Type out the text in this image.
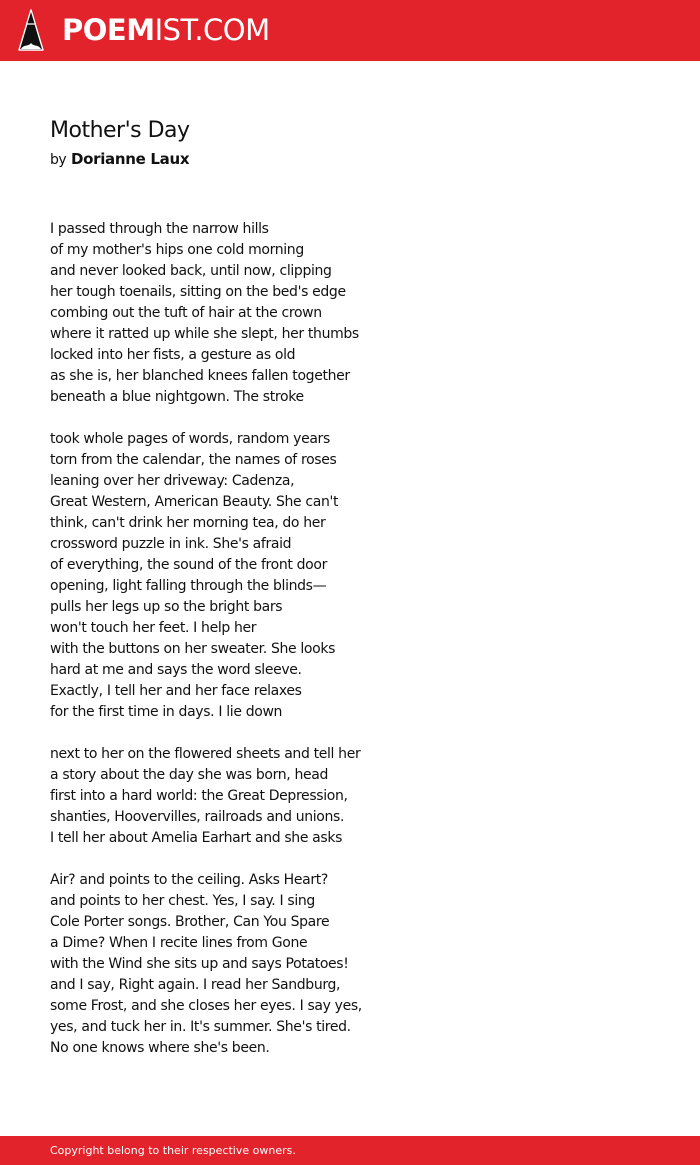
POEMIST.COM
Mother's Day
by Dorianne Laux
I passed through the narrow hills
of my mother's hips one cold morning
and never looked back, until now, clipping
her tough toenails, sitting on the bed's edge
combing out the tuft of hair at the crown
where it ratted up while she slept, her thumbs
locked into her fists, a gesture as old
as she is, her blanched knees fallen together
beneath a blue nightgown. The stroke
took whole pages of words, random years
torn from the calendar, the names of roses
leaning over her driveway: Cadenza,
Great Western, American Beauty. She can't
think, can't drink her morning tea, do her
crossword puzzle in ink. She's afraid
of everything, the sound of the front door
opening, light falling through the blinds—
pulls her legs up so the bright bars
won't touch her feet. I help her
with the buttons on her sweater. She looks
hard at me and says the word sleeve.
Exactly, I tell her and her face relaxes
for the first time in days. I lie down
next to her on the flowered sheets and tell her
a story about the day she was born, head
first into a hard world: the Great Depression,
shanties, Hoovervilles, railroads and unions.
I tell her about Amelia Earhart and she asks
Air? and points to the ceiling. Asks Heart?
and points to her chest. Yes, I say. I sing
Cole Porter songs. Brother, Can You Spare
a Dime? When I recite lines from Gone
with the Wind she sits up and says Potatoes!
and I say, Right again. I read her Sandburg,
some Frost, and she closes her eyes. I say yes,
yes, and tuck her in. It's summer. She's tired.
No one knows where she's been.
Copyright belong to their respective owners.
